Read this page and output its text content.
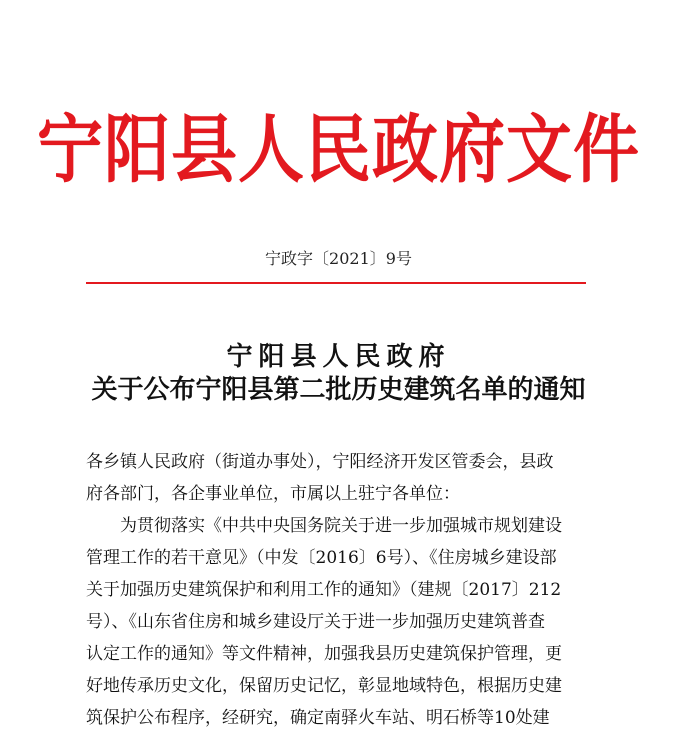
宁阳县人民政府文件
宁政字〔2021〕9号
宁阳县人民政府
关于公布宁阳县第二批历史建筑名单的通知
各乡镇人民政府（街道办事处），宁阳经济开发区管委会，县政
府各部门，各企事业单位，市属以上驻宁各单位：
为贯彻落实《中共中央国务院关于进一步加强城市规划建设
管理工作的若干意见》（中发〔2016〕6号）、《住房城乡建设部
关于加强历史建筑保护和利用工作的通知》（建规〔2017〕212
号）、《山东省住房和城乡建设厅关于进一步加强历史建筑普查
认定工作的通知》等文件精神，加强我县历史建筑保护管理，更
好地传承历史文化，保留历史记忆，彰显地域特色，根据历史建
筑保护公布程序，经研究，确定南驿火车站、明石桥等10处建
